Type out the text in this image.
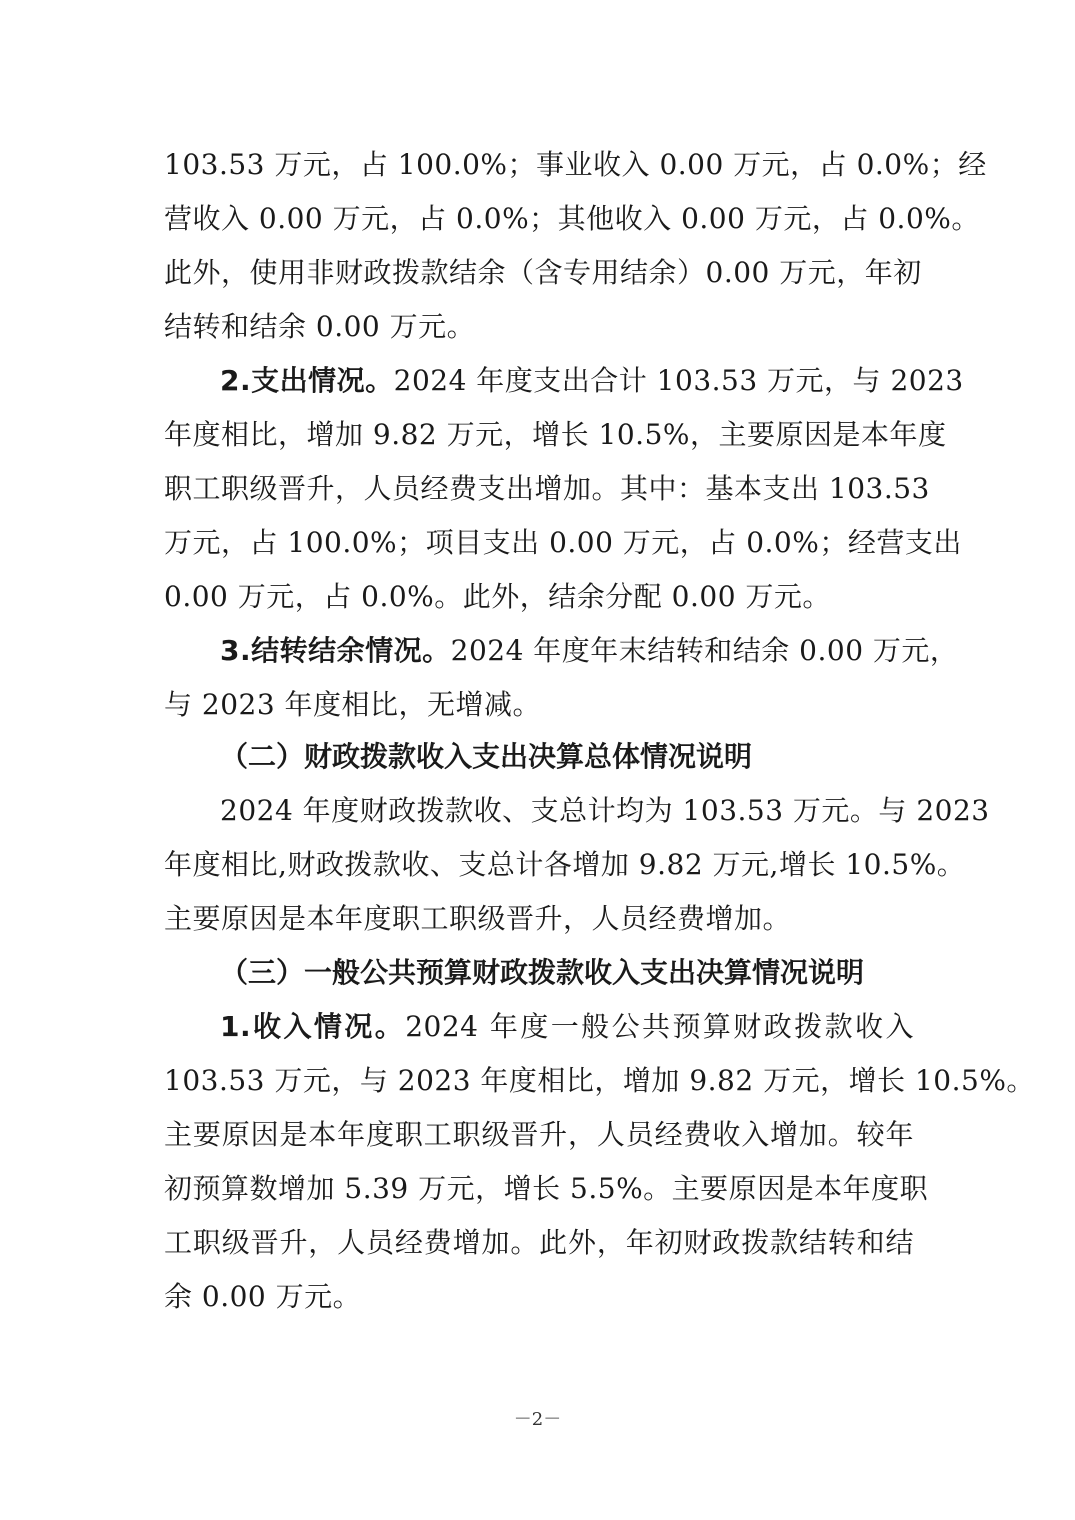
103.53 万元，占 100.0%；事业收入 0.00 万元，占 0.0%；经
营收入 0.00 万元，占 0.0%；其他收入 0.00 万元，占 0.0%。
此外，使用非财政拨款结余（含专用结余）0.00 万元，年初
结转和结余 0.00 万元。
2.支出情况。2024 年度支出合计 103.53 万元，与 2023
年度相比，增加 9.82 万元，增长 10.5%，主要原因是本年度
职工职级晋升，人员经费支出增加。其中：基本支出 103.53
万元，占 100.0%；项目支出 0.00 万元，占 0.0%；经营支出
0.00 万元，占 0.0%。此外，结余分配 0.00 万元。
3.结转结余情况。2024 年度年末结转和结余 0.00 万元，
与 2023 年度相比，无增减。
（二）财政拨款收入支出决算总体情况说明
2024 年度财政拨款收、支总计均为 103.53 万元。与 2023
年度相比,财政拨款收、支总计各增加 9.82 万元,增长 10.5%。
主要原因是本年度职工职级晋升，人员经费增加。
（三）一般公共预算财政拨款收入支出决算情况说明
1.收入情况。2024 年度一般公共预算财政拨款收入
103.53 万元，与 2023 年度相比，增加 9.82 万元，增长 10.5%。
主要原因是本年度职工职级晋升，人员经费收入增加。较年
初预算数增加 5.39 万元，增长 5.5%。主要原因是本年度职
工职级晋升，人员经费增加。此外，年初财政拨款结转和结
余 0.00 万元。
－2－
